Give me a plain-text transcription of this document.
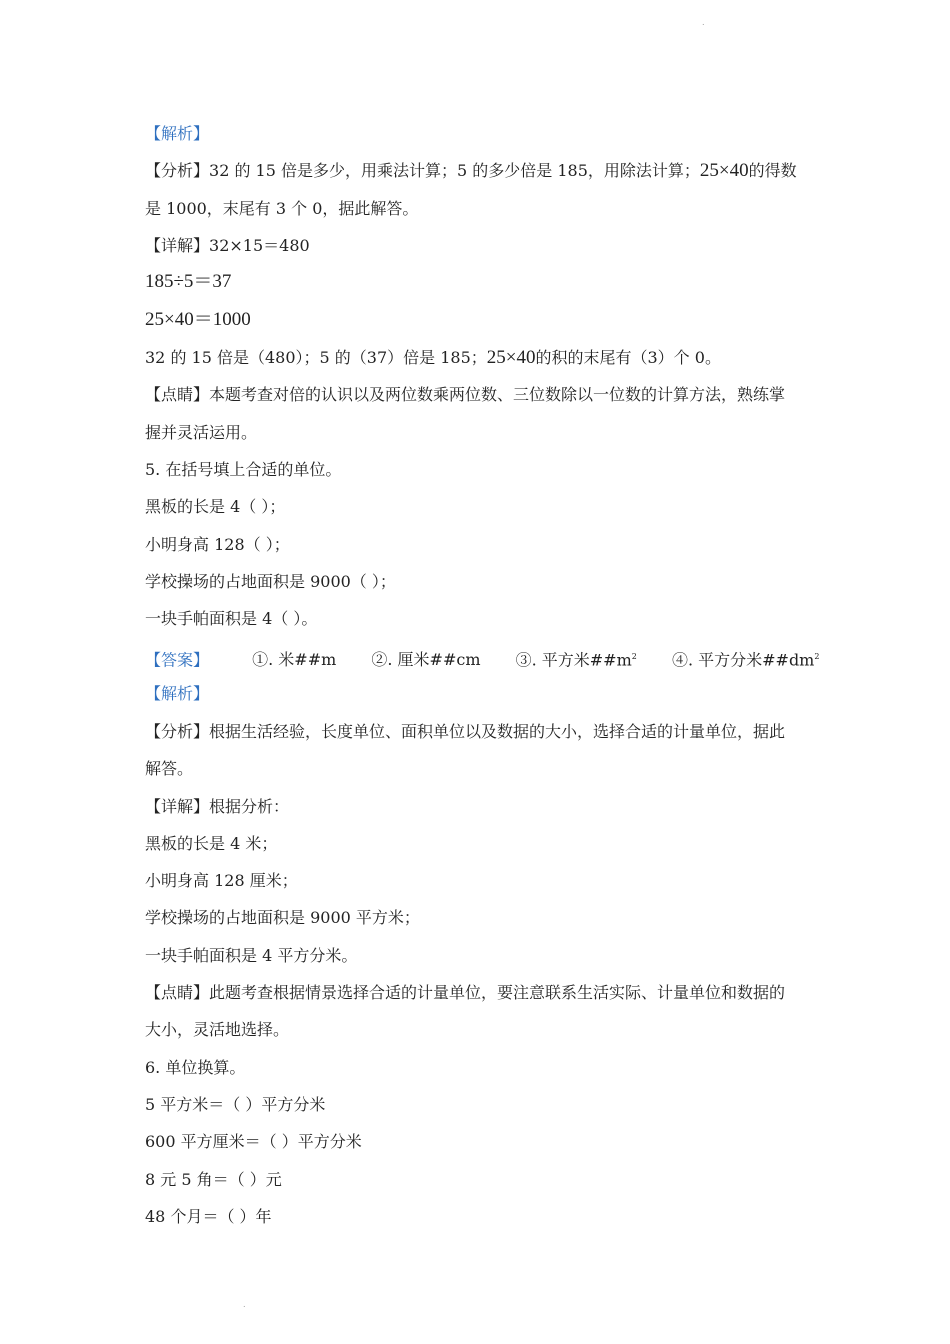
.
【解析】
【分析】32 的 15 倍是多少，用乘法计算；5 的多少倍是 185，用除法计算；25×40的得数
是 1000，末尾有 3 个 0，据此解答。
【详解】32×15＝480
185÷5＝37
25×40＝1000
32 的 15 倍是（480）；5 的（37）倍是 185；25×40的积的末尾有（3）个 0。
【点睛】本题考查对倍的认识以及两位数乘两位数、三位数除以一位数的计算方法，熟练掌
握并灵活运用。
5. 在括号填上合适的单位。
黑板的长是 4（ ）；
小明身高 128（ ）；
学校操场的占地面积是 9000（ ）；
一块手帕面积是 4（ ）。
【答案】	①. 米##m ②. 厘米##cm ③. 平方米$\#\#m^2$ ④. 平方分米$\#\#dm^2$
【解析】
【分析】根据生活经验，长度单位、面积单位以及数据的大小，选择合适的计量单位，据此
解答。
【详解】根据分析：
黑板的长是 4 米；
小明身高 128 厘米；
学校操场的占地面积是 9000 平方米；
一块手帕面积是 4 平方分米。
【点睛】此题考查根据情景选择合适的计量单位，要注意联系生活实际、计量单位和数据的
大小，灵活地选择。
6. 单位换算。
5 平方米＝（ ）平方分米
600 平方厘米＝（ ）平方分米
8 元 5 角＝（ ）元
48 个月＝（ ）年
.
